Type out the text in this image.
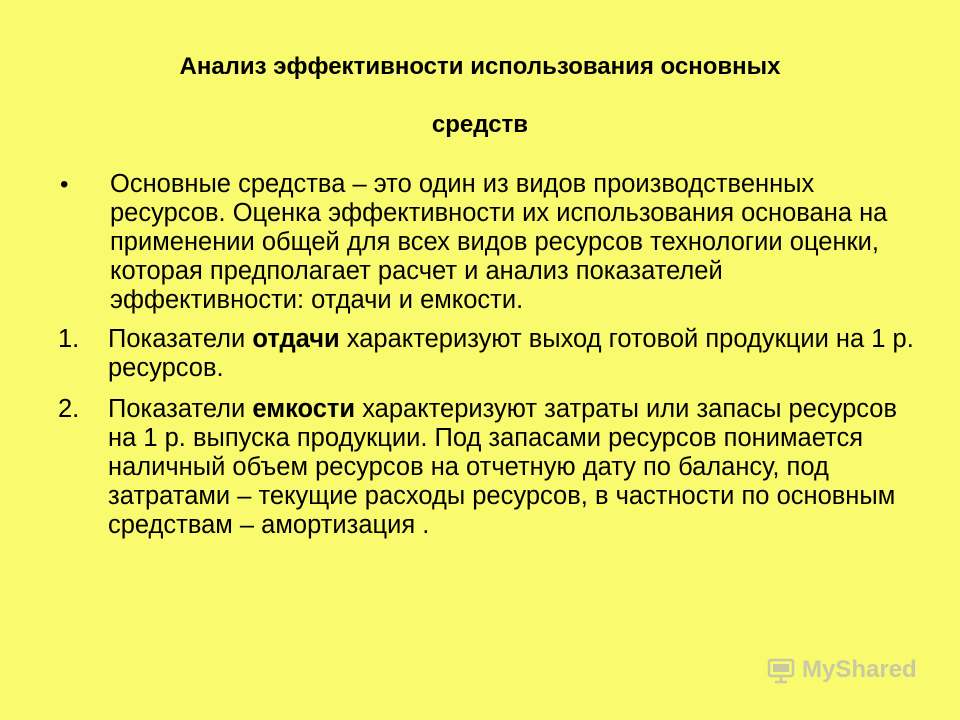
Анализ эффективности использования основных
средств
•	Основные средства – это один из видов производственных ресурсов. Оценка эффективности их использования основана на применении общей для всех видов ресурсов технологии оценки, которая предполагает расчет и анализ показателей эффективности: отдачи и емкости.
1.	Показатели отдачи характеризуют выход готовой продукции на 1 р. ресурсов.
2.	Показатели емкости характеризуют затраты или запасы ресурсов на 1 р. выпуска продукции. Под запасами ресурсов понимается наличный объем ресурсов на отчетную дату по балансу, под затратами – текущие расходы ресурсов, в частности по основным средствам – амортизация .
MyShared
